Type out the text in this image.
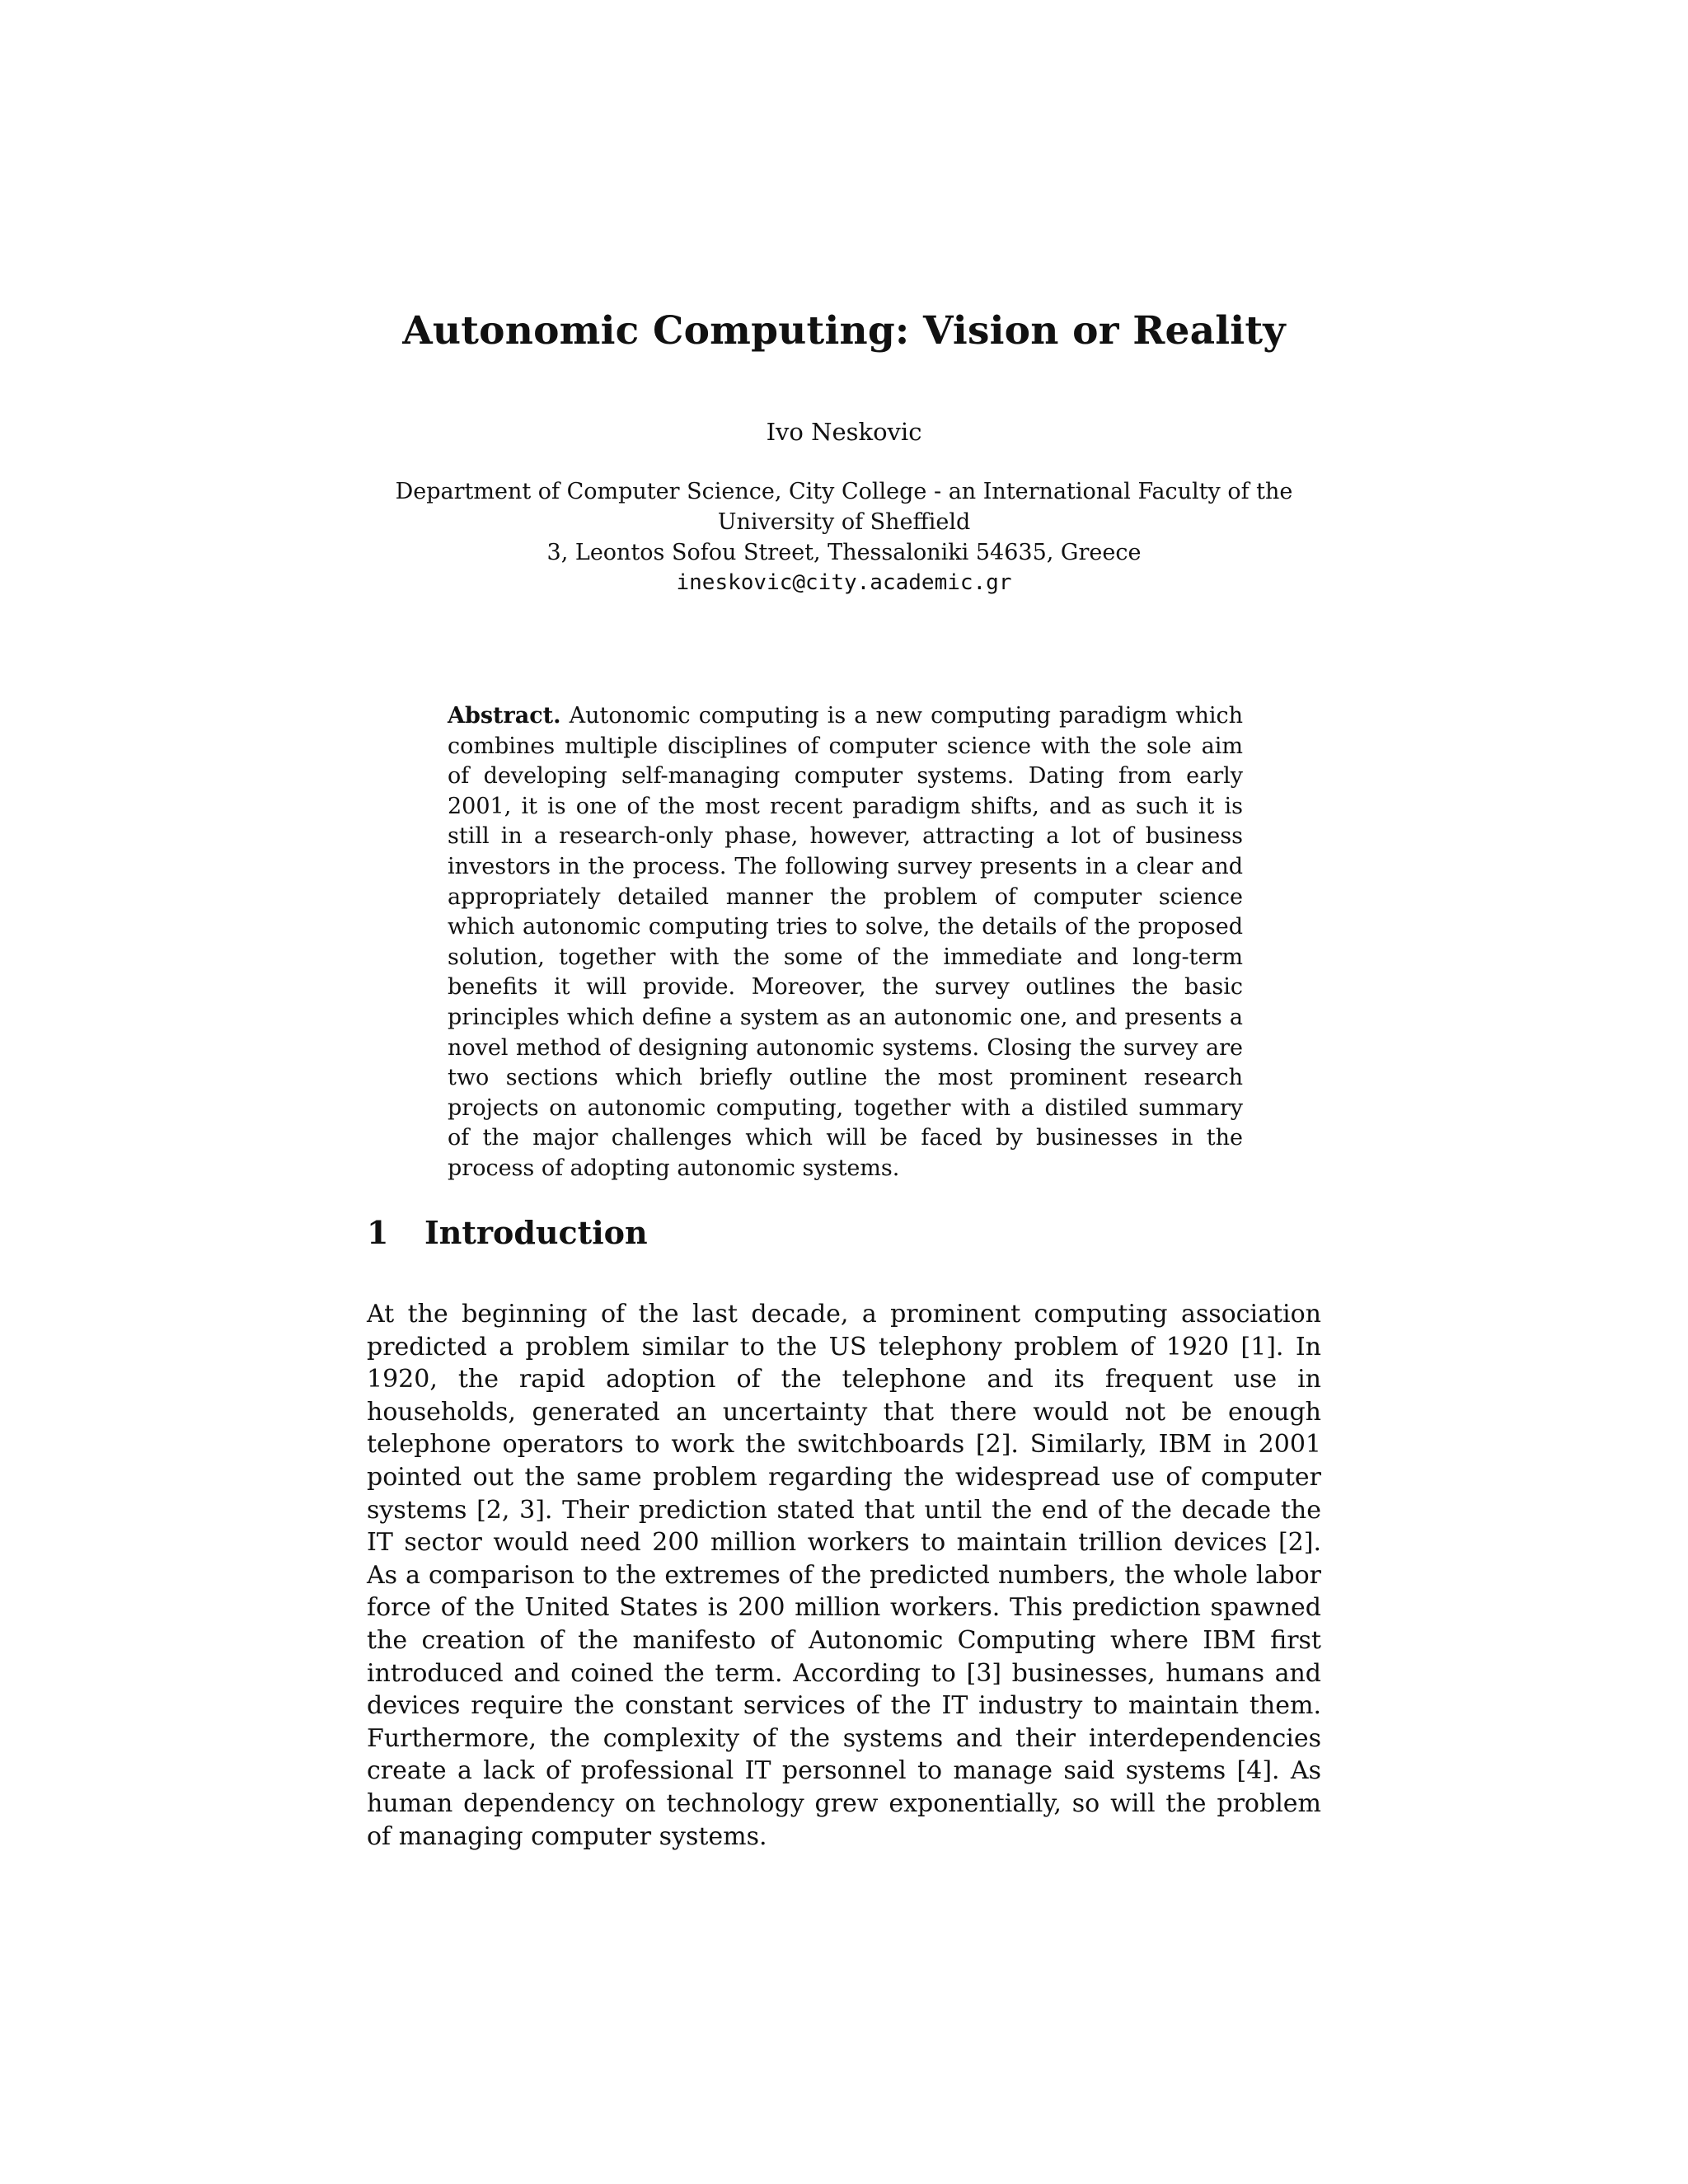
Autonomic Computing: Vision or Reality

Ivo Neskovic

Department of Computer Science, City College - an International Faculty of the
University of Sheffield
3, Leontos Sofou Street, Thessaloniki 54635, Greece
ineskovic@city.academic.gr
Abstract. Autonomic computing is a new computing paradigm which combines multiple disciplines of computer science with the sole aim of developing self-managing computer systems. Dating from early 2001, it is one of the most recent paradigm shifts, and as such it is still in a research-only phase, however, attracting a lot of business investors in the process. The following survey presents in a clear and appropriately detailed manner the problem of computer science which autonomic computing tries to solve, the details of the proposed solution, together with the some of the immediate and long-term benefits it will provide. Moreover, the survey outlines the basic principles which define a system as an autonomic one, and presents a novel method of designing autonomic systems. Closing the survey are two sections which briefly outline the most prominent research projects on autonomic computing, together with a distiled summary of the major challenges which will be faced by businesses in the process of adopting autonomic systems.
1 Introduction

At the beginning of the last decade, a prominent computing association predicted a problem similar to the US telephony problem of 1920 [1]. In 1920, the rapid adoption of the telephone and its frequent use in households, generated an uncertainty that there would not be enough telephone operators to work the switchboards [2]. Similarly, IBM in 2001 pointed out the same problem regarding the widespread use of computer systems [2, 3]. Their prediction stated that until the end of the decade the IT sector would need 200 million workers to maintain trillion devices [2]. As a comparison to the extremes of the predicted numbers, the whole labor force of the United States is 200 million workers. This prediction spawned the creation of the manifesto of Autonomic Computing where IBM first introduced and coined the term. According to [3] businesses, humans and devices require the constant services of the IT industry to maintain them. Furthermore, the complexity of the systems and their interdependencies create a lack of professional IT personnel to manage said systems [4]. As human dependency on technology grew exponentially, so will the problem of managing computer systems.
